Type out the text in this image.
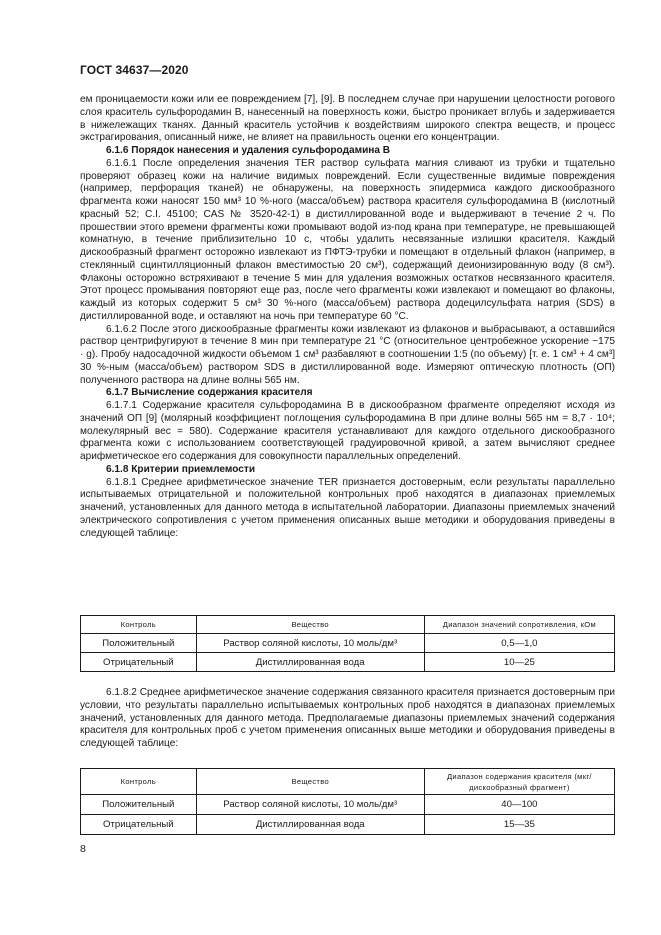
ГОСТ 34637—2020

ем проницаемости кожи или ее повреждением [7], [9]. В последнем случае при нарушении целостности рогового слоя краситель сульфородамин B, нанесенный на поверхность кожи, быстро проникает вглубь и задерживается в нижележащих тканях. Данный краситель устойчив к воздействиям широкого спектра веществ, и процесс экстрагирования, описанный ниже, не влияет на правильность оценки его концентрации.

6.1.6 Порядок нанесения и удаления сульфородамина B

6.1.6.1 После определения значения TER раствор сульфата магния сливают из трубки и тщательно проверяют образец кожи на наличие видимых повреждений. Если существенные видимые повреждения (например, перфорация тканей) не обнаружены, на поверхность эпидермиса каждого дискообразного фрагмента кожи наносят 150 мм³ 10 %-ного (масса/объем) раствора красителя сульфородамина B (кислотный красный 52; C.I. 45100; CAS № 3520-42-1) в дистиллированной воде и выдерживают в течение 2 ч. По прошествии этого времени фрагменты кожи промывают водой из-под крана при температуре, не превышающей комнатную, в течение приблизительно 10 с, чтобы удалить несвязанные излишки красителя. Каждый дискообразный фрагмент осторожно извлекают из ПФТЭ-трубки и помещают в отдельный флакон (например, в стеклянный сцинтилляционный флакон вместимостью 20 см³), содержащий деионизированную воду (8 см³). Флаконы осторожно встряхивают в течение 5 мин для удаления возможных остатков несвязанного красителя. Этот процесс промывания повторяют еще раз, после чего фрагменты кожи извлекают и помещают во флаконы, каждый из которых содержит 5 см³ 30 %-ного (масса/объем) раствора додецилсульфата натрия (SDS) в дистиллированной воде, и оставляют на ночь при температуре 60 °С.

6.1.6.2 После этого дискообразные фрагменты кожи извлекают из флаконов и выбрасывают, а оставшийся раствор центрифугируют в течение 8 мин при температуре 21 °С (относительное центробежное ускорение ~175 · g). Пробу надосадочной жидкости объемом 1 см³ разбавляют в соотношении 1:5 (по объему) [т. е. 1 см³ + 4 см³] 30 %-ным (масса/объем) раствором SDS в дистиллированной воде. Измеряют оптическую плотность (ОП) полученного раствора на длине волны 565 нм.

6.1.7 Вычисление содержания красителя

6.1.7.1 Содержание красителя сульфородамина B в дискообразном фрагменте определяют исходя из значений ОП [9] (молярный коэффициент поглощения сульфородамина B при длине волны 565 нм = 8,7 · 10⁴; молекулярный вес = 580). Содержание красителя устанавливают для каждого отдельного дискообразного фрагмента кожи с использованием соответствующей градуировочной кривой, а затем вычисляют среднее арифметическое его содержания для совокупности параллельных определений.

6.1.8 Критерии приемлемости

6.1.8.1 Среднее арифметическое значение TER признается достоверным, если результаты параллельно испытываемых отрицательной и положительной контрольных проб находятся в диапазонах приемлемых значений, установленных для данного метода в испытательной лаборатории. Диапазоны приемлемых значений электрического сопротивления с учетом применения описанных выше методики и оборудования приведены в следующей таблице:

Контроль	Вещество	Диапазон значений сопротивления, кОм
Положительный	Раствор соляной кислоты, 10 моль/дм³	0,5—1,0
Отрицательный	Дистиллированная вода	10—25

6.1.8.2 Среднее арифметическое значение содержания связанного красителя признается достоверным при условии, что результаты параллельно испытываемых контрольных проб находятся в диапазонах приемлемых значений, установленных для данного метода. Предполагаемые диапазоны приемлемых значений содержания красителя для контрольных проб с учетом применения описанных выше методики и оборудования приведены в следующей таблице:

Контроль	Вещество	Диапазон содержания красителя (мкг/дискообразный фрагмент)
Положительный	Раствор соляной кислоты, 10 моль/дм³	40—100
Отрицательный	Дистиллированная вода	15—35
8
